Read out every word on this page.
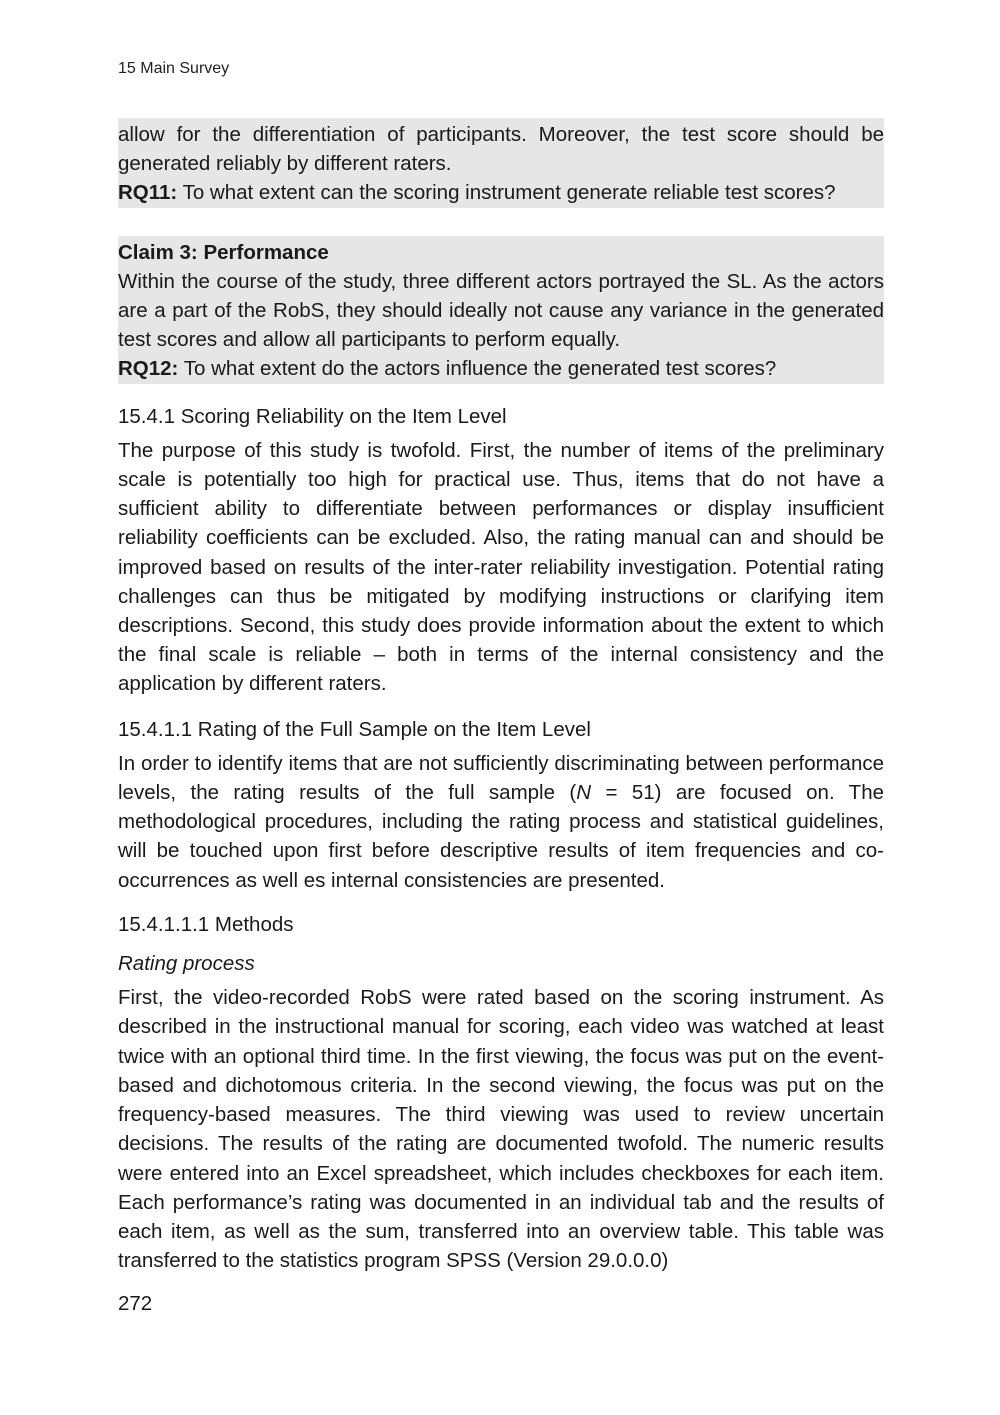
15 Main Survey

allow for the differentiation of participants. Moreover, the test score should be generated reliably by different raters.

RQ11: To what extent can the scoring instrument generate reliable test scores?

Claim 3: Performance

Within the course of the study, three different actors portrayed the SL. As the actors are a part of the RobS, they should ideally not cause any variance in the generated test scores and allow all participants to perform equally.

RQ12: To what extent do the actors influence the generated test scores?

15.4.1 Scoring Reliability on the Item Level

The purpose of this study is twofold. First, the number of items of the preliminary scale is potentially too high for practical use. Thus, items that do not have a sufficient ability to differentiate between performances or display insufficient reliability coefficients can be excluded. Also, the rating manual can and should be improved based on results of the inter-rater reliability investigation. Potential rating challenges can thus be mitigated by modifying instructions or clarifying item descriptions. Second, this study does provide information about the extent to which the final scale is reliable – both in terms of the internal consistency and the application by different raters.

15.4.1.1 Rating of the Full Sample on the Item Level

In order to identify items that are not sufficiently discriminating between performance levels, the rating results of the full sample (N = 51) are focused on. The methodological procedures, including the rating process and statistical guidelines, will be touched upon first before descriptive results of item frequencies and co-occurrences as well es internal consistencies are presented.

15.4.1.1.1 Methods

Rating process

First, the video-recorded RobS were rated based on the scoring instrument. As described in the instructional manual for scoring, each video was watched at least twice with an optional third time. In the first viewing, the focus was put on the event-based and dichotomous criteria. In the second viewing, the focus was put on the frequency-based measures. The third viewing was used to review uncertain decisions. The results of the rating are documented twofold. The numeric results were entered into an Excel spreadsheet, which includes checkboxes for each item. Each performance’s rating was documented in an individual tab and the results of each item, as well as the sum, transferred into an overview table. This table was transferred to the statistics program SPSS (Version 29.0.0.0)

272
